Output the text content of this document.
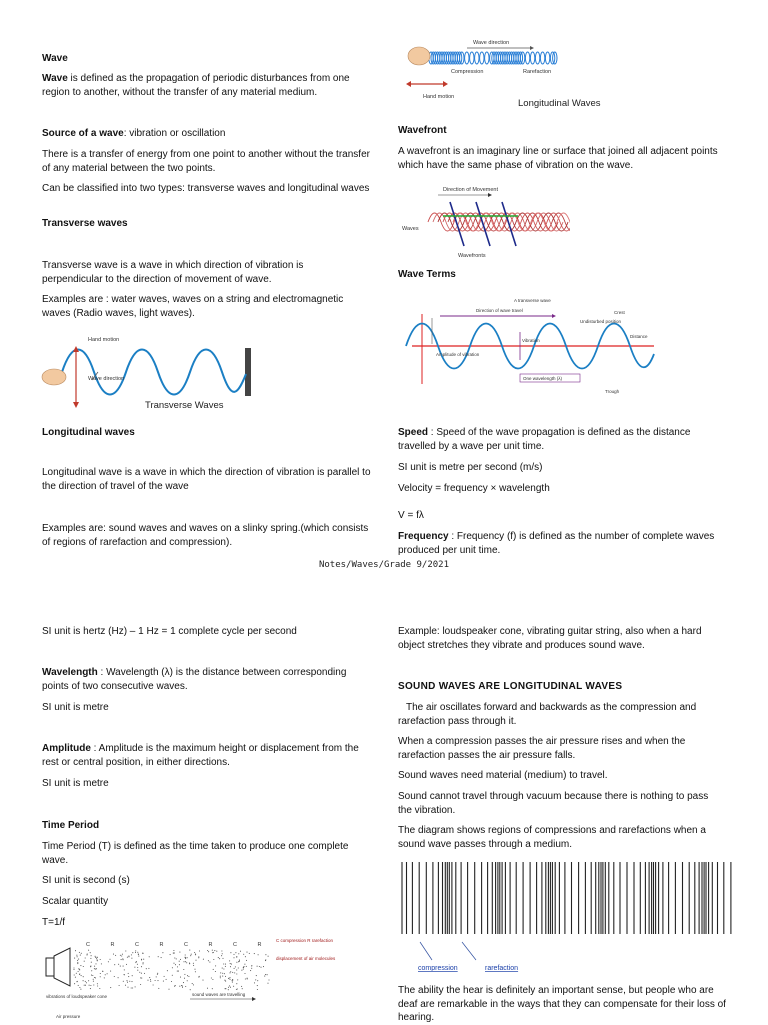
Wave
Wave is defined as the propagation of periodic disturbances from one region to another, without the transfer of any material medium.
Source of a wave: vibration or oscillation
There is a transfer of energy from one point to another without the transfer of any material between the two points.
Can be classified into two types: transverse waves and longitudinal waves
Transverse waves
Transverse wave is a wave in which direction of vibration is perpendicular to the direction of movement of wave.
Examples are : water waves, waves on a string and electromagnetic waves (Radio waves, light waves).
Hand motion
Wave direction
Transverse Waves
Longitudinal waves
Longitudinal wave is a wave in which the direction of vibration is parallel to the direction of travel of the wave
Examples are: sound waves and waves on a slinky spring.(which consists of regions of rarefaction and compression).
Wave direction
Compression	Rarefaction
Hand motion
Longitudinal Waves
Wavefront
A wavefront is an imaginary line or surface that joined all adjacent points which have the same phase of vibration on the wave.
Direction of Movement
Waves
Wavefronts
Wave Terms
A transverse wave
Direction of wave travel
Vibration
Undisturbed position
Crest
Distance
Amplitude of vibration
One wavelength (λ)
Trough
Speed : Speed of the wave propagation is defined as the distance travelled by a wave per unit time.
SI unit is metre per second (m/s)
Velocity = frequency × wavelength
V = fλ
Frequency : Frequency (f) is defined as the number of complete waves produced per unit time.
Notes/Waves/Grade 9/2021
SI unit is hertz (Hz) – 1 Hz = 1 complete cycle per second
Wavelength : Wavelength (λ) is the distance between corresponding points of two consecutive waves.
SI unit is metre
Amplitude : Amplitude is the maximum height or displacement from the rest or central position, in either directions.
SI unit is metre
Time Period
Time Period (T) is defined as the time taken to produce one complete wave.
SI unit is second (s)
Scalar quantity
T=1/f
C	R	C	R	C	R	C	R
C compression R rarefaction
displacement of air molecules
vibrations of loudspeaker cone	sound waves are travelling
Air pressure
Example: loudspeaker cone, vibrating guitar string, also when a hard object stretches they vibrate and produces sound wave.
SOUND WAVES ARE LONGITUDINAL WAVES
The air oscillates forward and backwards as the compression and rarefaction pass through it.
When a compression passes the air pressure rises and when the rarefaction passes the air pressure falls.
Sound waves need material (medium) to travel.
Sound cannot travel through vacuum because there is nothing to pass the vibration.
The diagram shows regions of compressions and rarefactions when a sound wave passes through a medium.
compression	rarefaction
The ability the hear is definitely an important sense, but people who are deaf are remarkable in the ways that they can compensate for their loss of hearing.
